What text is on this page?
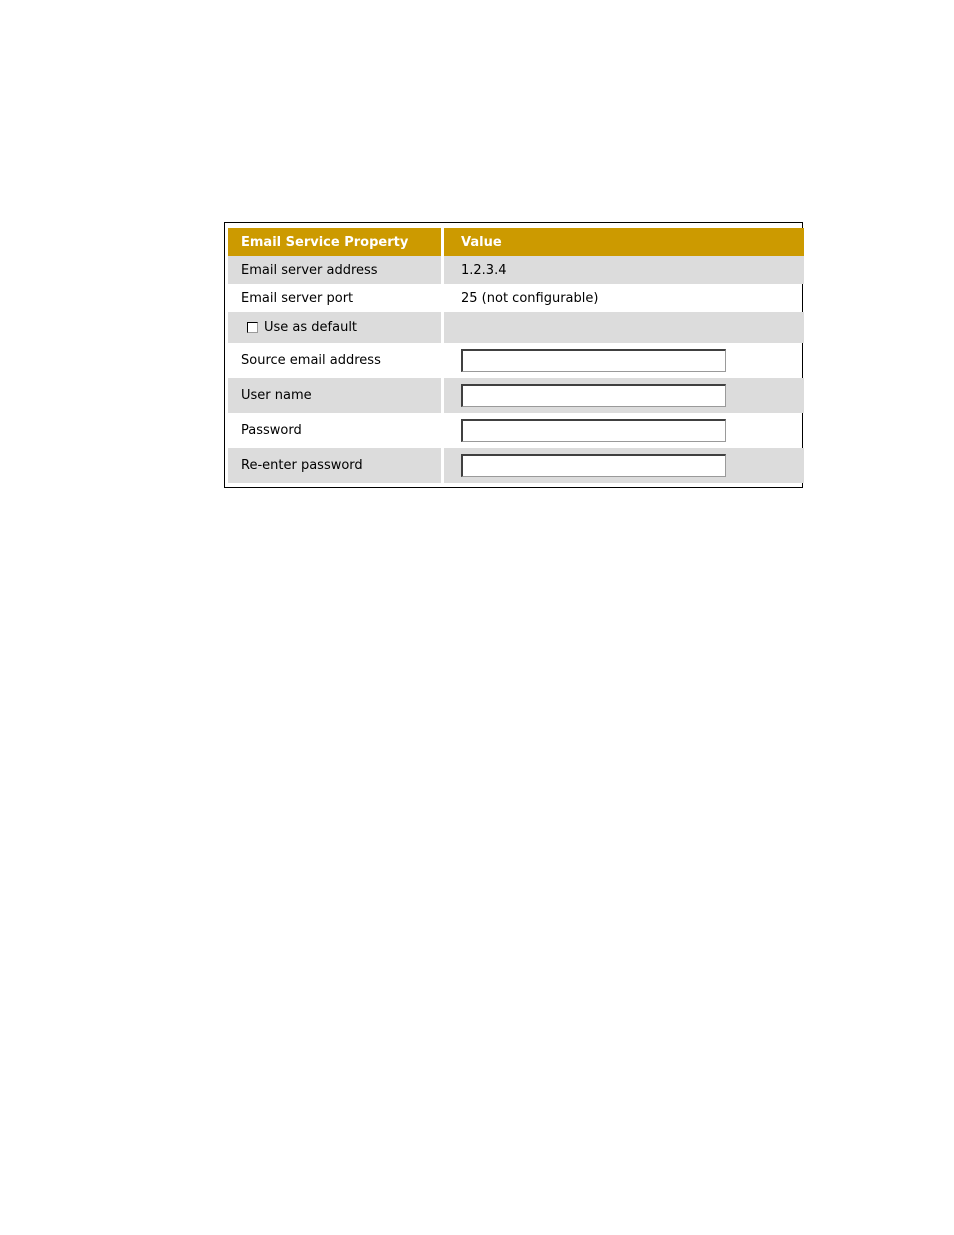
Email Service Property	Value
Email server address	1.2.3.4
Email server port	25 (not configurable)
Use as default
Source email address
User name
Password
Re-enter password
